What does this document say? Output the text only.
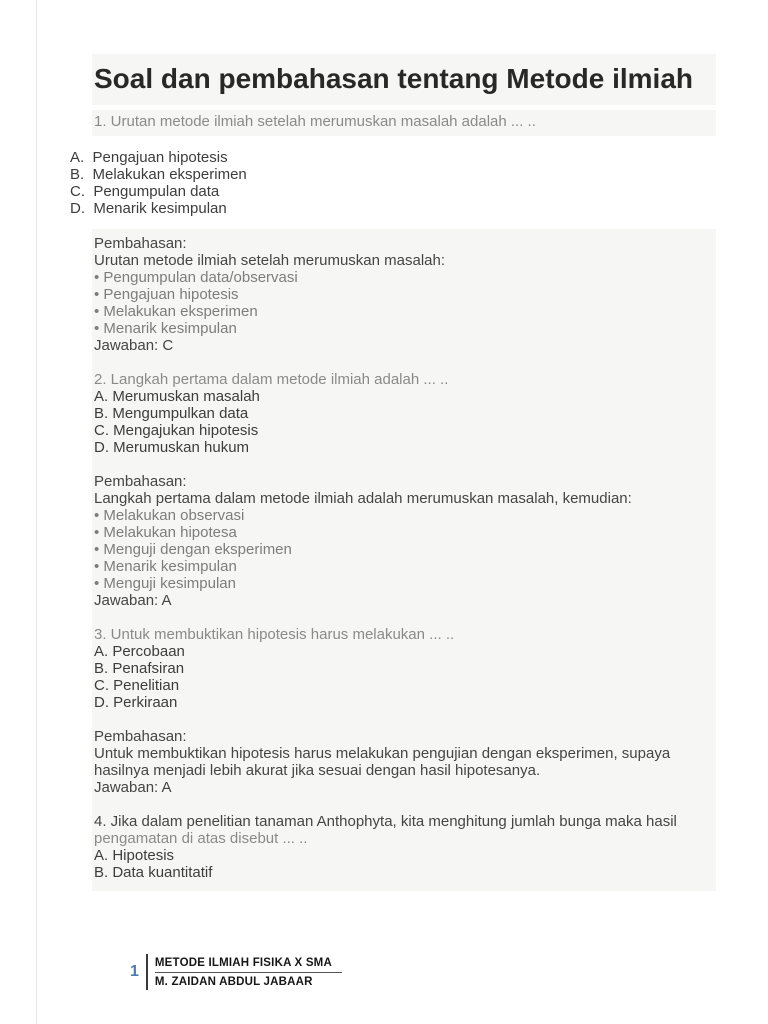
Soal dan pembahasan tentang Metode ilmiah
1. Urutan metode ilmiah setelah merumuskan masalah adalah ... ..
A.  Pengajuan hipotesis
B.  Melakukan eksperimen
C.  Pengumpulan data
D.  Menarik kesimpulan
Pembahasan:
Urutan metode ilmiah setelah merumuskan masalah:
• Pengumpulan data/observasi
• Pengajuan hipotesis
• Melakukan eksperimen
• Menarik kesimpulan
Jawaban: C

2. Langkah pertama dalam metode ilmiah adalah ... ..
A. Merumuskan masalah
B. Mengumpulkan data
C. Mengajukan hipotesis
D. Merumuskan hukum

Pembahasan:
Langkah pertama dalam metode ilmiah adalah merumuskan masalah, kemudian:
• Melakukan observasi
• Melakukan hipotesa
• Menguji dengan eksperimen
• Menarik kesimpulan
• Menguji kesimpulan
Jawaban: A

3. Untuk membuktikan hipotesis harus melakukan ... ..
A. Percobaan
B. Penafsiran
C. Penelitian
D. Perkiraan

Pembahasan:
Untuk membuktikan hipotesis harus melakukan pengujian dengan eksperimen, supaya
hasilnya menjadi lebih akurat jika sesuai dengan hasil hipotesanya.
Jawaban: A

4. Jika dalam penelitian tanaman Anthophyta, kita menghitung jumlah bunga maka hasil
pengamatan di atas disebut ... ..
A. Hipotesis
B. Data kuantitatif
1	METODE ILMIAH FISIKA X SMA
M. ZAIDAN ABDUL JABAAR
